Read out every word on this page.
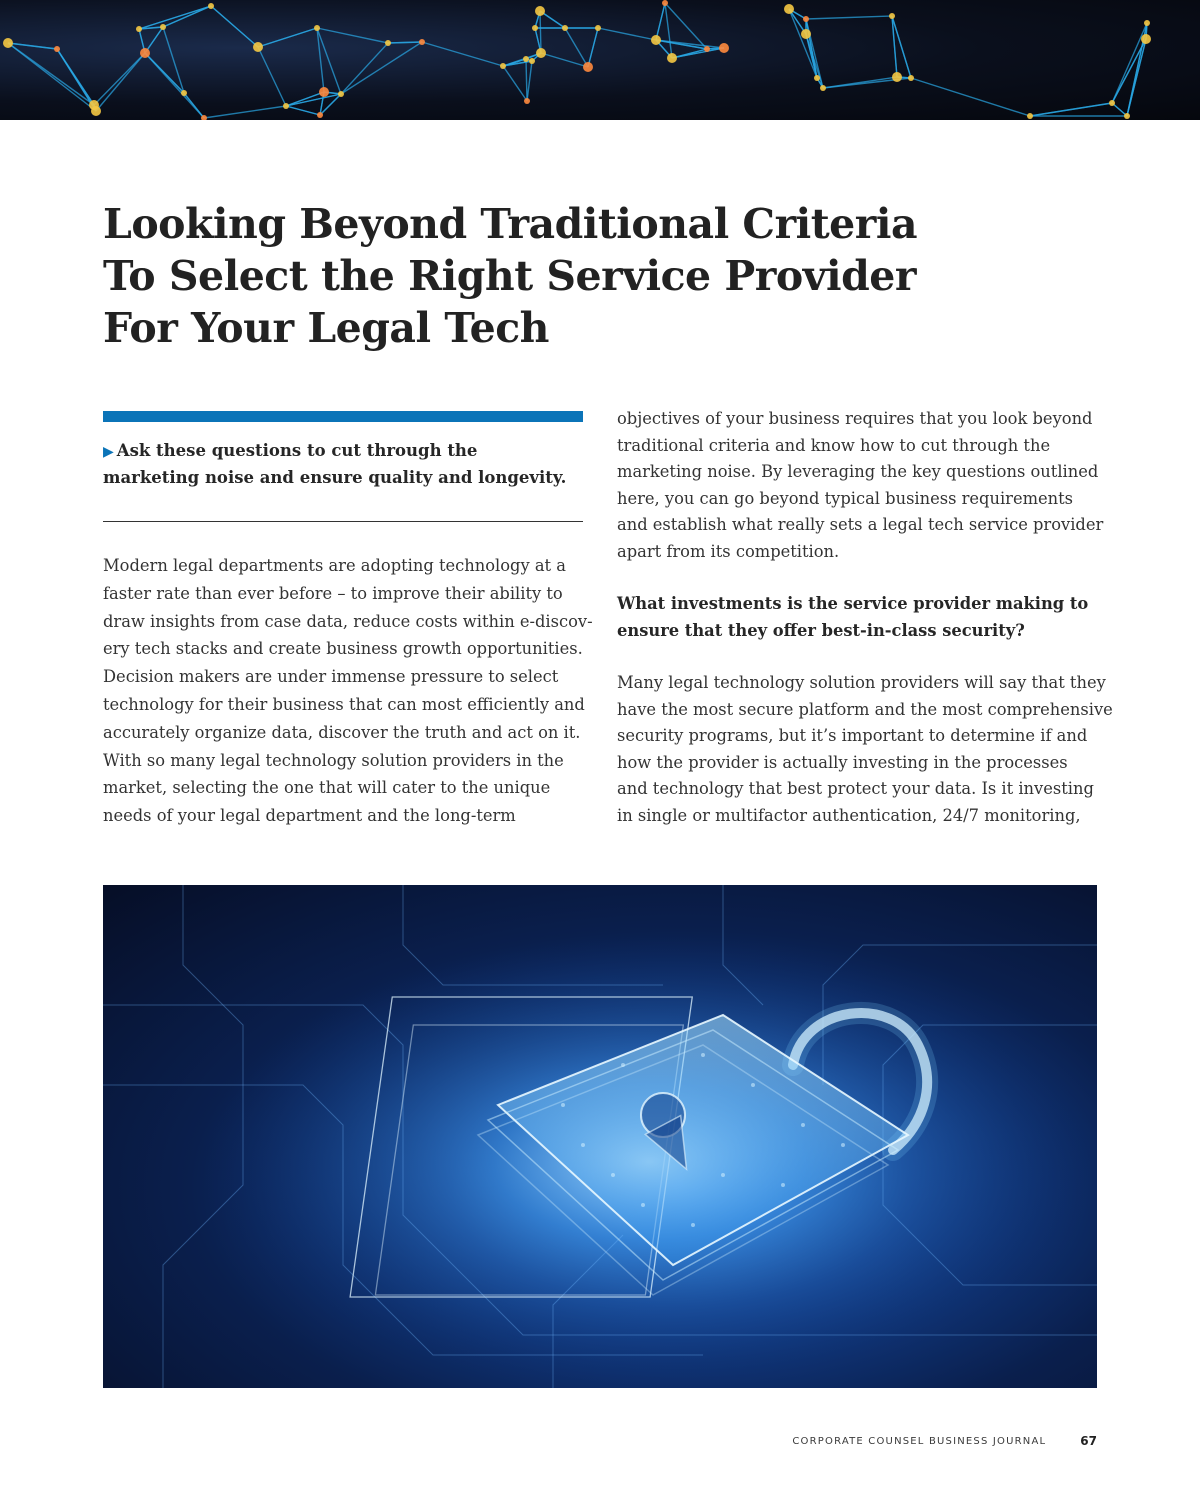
Looking Beyond Traditional Criteria
To Select the Right Service Provider
For Your Legal Tech

▶ Ask these questions to cut through the marketing noise and ensure quality and longevity.

Modern legal departments are adopting technology at a

faster rate than ever before – to improve their ability to

draw insights from case data, reduce costs within e-discov-

ery tech stacks and create business growth opportunities.

Decision makers are under immense pressure to select

technology for their business that can most efficiently and

accurately organize data, discover the truth and act on it.

With so many legal technology solution providers in the

market, selecting the one that will cater to the unique

needs of your legal department and the long-term

objectives of your business requires that you look beyond

traditional criteria and know how to cut through the

marketing noise. By leveraging the key questions outlined

here, you can go beyond typical business requirements

and establish what really sets a legal tech service provider

apart from its competition.

What investments is the service provider making to

ensure that they offer best-in-class security?

Many legal technology solution providers will say that they

have the most secure platform and the most comprehensive

security programs, but it’s important to determine if and

how the provider is actually investing in the processes

and technology that best protect your data. Is it investing

in single or multifactor authentication, 24/7 monitoring,

CORPORATE COUNSEL BUSINESS JOURNAL	67
